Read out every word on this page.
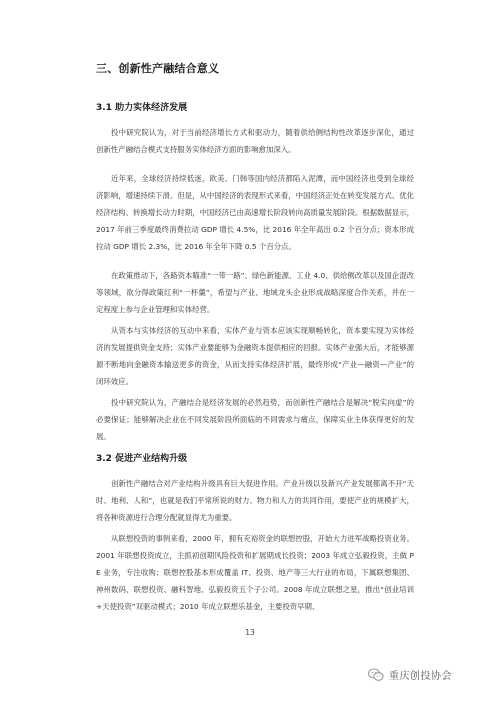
三、创新性产融结合意义
3.1 助力实体经济发展

投中研究院认为，对于当前经济增长方式和驱动力，随着供给侧结构性改革逐步深化，通过创新性产融结合模式支持服务实体经济方面的影响愈加深入。

近年来，全球经济持续低迷，欧美、门韩等国内经济都陷入泥潭，而中国经济也受到全球经济影响，增速持续下滑。但是，从中国经济的表现形式来看，中国经济正处在转变发展方式、优化经济结构、转换增长动力时期，中国经济已由高速增长阶段转向高质量发展阶段。根据数据显示，2017 年前三季度最终消费拉动 GDP 增长 4.5%，比 2016 年全年高出 0.2 个百分点；资本形成拉动 GDP 增长 2.3%，比 2016 年全年下降 0.5 个百分点。

在政策推动下，各路资本瞄准“一带一路”、绿色新能源、工业 4.0、供给侧改革以及国企混改等领域，欲分得政策红利“一杯羹”，希望与产业、地域龙头企业形成战略深度合作关系，并在一定程度上参与企业管理和实体经营。

从资本与实体经济的互动中来看，实体产业与资本应该实现顺畅转化，资本要实现为实体经济的发展提供资金支持；实体产业要能够为金融资本提供相应的回报。实体产业强大后，才能够源源不断地向金融资本输送更多的资金，从而支持实体经济扩展，最终形成“产业—融资—产业”的闭环效应。

投中研究院认为，产融结合是经济发展的必然趋势，而创新性产融结合是解决“脱实向虚”的必要保证；能够解决企业在不同发展阶段所面临的不同需求与痛点，保障实业主体获得更好的发展。

3.2 促进产业结构升级

创新性产融结合对产业结构升级具有巨大促进作用。产业升级以及新兴产业发展都离不开“天时、地利、人和”，也就是我们平常所说的财力、物力和人力的共同作用，要使产业的规模扩大，将各种资源进行合理分配就显得尤为重要。

从联想投资的事例来看，2000 年，拥有充裕资金的联想控股，开始大力进军战略投资业务。2001 年联想投资成立，主抓初创期风险投资和扩展期成长投资；2003 年成立弘毅投资，主做 PE 业务，专注收购；联想控股基本形成覆盖 IT、投资、地产等三大行业的布局，下属联想集团、神州数码、联想投资、融科智地、弘毅投资五个子公司。2008 年成立联想之星，推出“创业培训+天使投资”双驱动模式；2010 年成立联想乐基金，主要投资早期、

13
重庆创投协会
